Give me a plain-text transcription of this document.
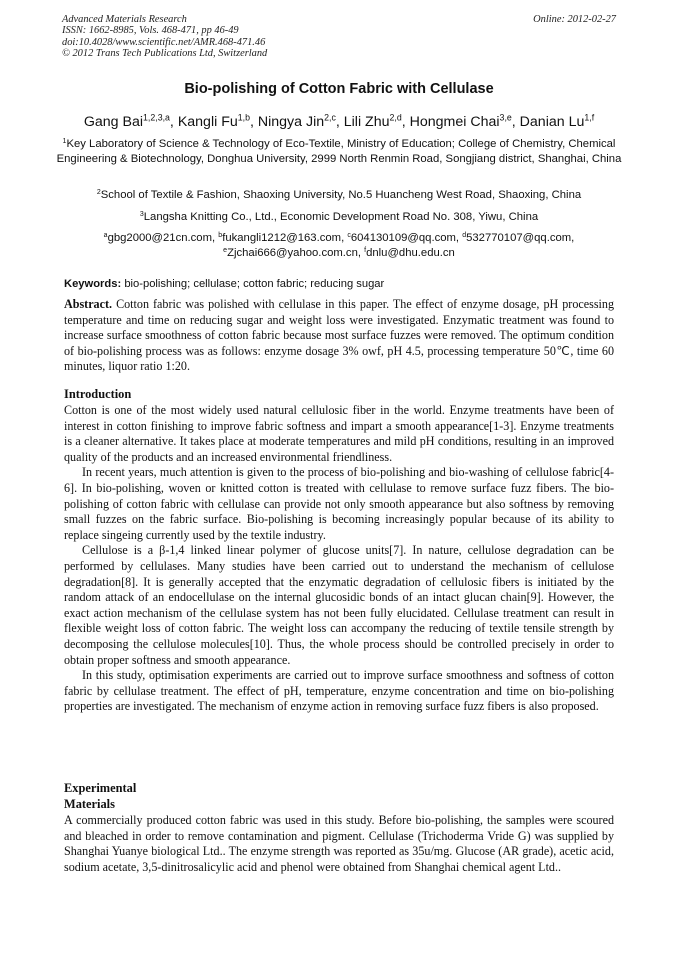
Advanced Materials Research
ISSN: 1662-8985, Vols. 468-471, pp 46-49
doi:10.4028/www.scientific.net/AMR.468-471.46
© 2012 Trans Tech Publications Ltd, Switzerland
Online: 2012-02-27
Bio-polishing of Cotton Fabric with Cellulase
Gang Bai$^{1,2,3,a}$, Kangli Fu$^{1,b}$, Ningya Jin$^{2,c}$, Lili Zhu$^{2,d}$, Hongmei Chai$^{3,e}$, Danian Lu$^{1,f}$
$^1$Key Laboratory of Science & Technology of Eco-Textile, Ministry of Education; College of Chemistry, Chemical Engineering & Biotechnology, Donghua University, 2999 North Renmin Road, Songjiang district, Shanghai, China
$^2$School of Textile & Fashion, Shaoxing University, No.5 Huancheng West Road, Shaoxing, China
$^3$Langsha Knitting Co., Ltd., Economic Development Road No. 308, Yiwu, China
$^a$gbg2000@21cn.com, $^b$fukangli1212@163.com, $^c$604130109@qq.com, $^d$532770107@qq.com,
$^e$Zjchai666@yahoo.com.cn, $^f$dnlu@dhu.edu.cn
Keywords: bio-polishing; cellulase; cotton fabric; reducing sugar

Abstract. Cotton fabric was polished with cellulase in this paper. The effect of enzyme dosage, pH processing temperature and time on reducing sugar and weight loss were investigated. Enzymatic treatment was found to increase surface smoothness of cotton fabric because most surface fuzzes were removed. The optimum condition of bio-polishing process was as follows: enzyme dosage 3% owf, pH 4.5, processing temperature 50℃, time 60 minutes, liquor ratio 1:20.

Introduction

Cotton is one of the most widely used natural cellulosic fiber in the world. Enzyme treatments have been of interest in cotton finishing to improve fabric softness and impart a smooth appearance[1-3]. Enzyme treatments is a cleaner alternative. It takes place at moderate temperatures and mild pH conditions, resulting in an improved quality of the products and an increased environmental friendliness.

In recent years, much attention is given to the process of bio-polishing and bio-washing of cellulose fabric[4-6]. In bio-polishing, woven or knitted cotton is treated with cellulase to remove surface fuzz fibers. The bio-polishing of cotton fabric with cellulase can provide not only smooth appearance but also softness by removing small fuzzes on the fabric surface. Bio-polishing is becoming increasingly popular because of its ability to replace singeing currently used by the textile industry.

Cellulose is a β-1,4 linked linear polymer of glucose units[7]. In nature, cellulose degradation can be performed by cellulases. Many studies have been carried out to understand the mechanism of cellulose degradation[8]. It is generally accepted that the enzymatic degradation of cellulosic fibers is initiated by the random attack of an endocellulase on the internal glucosidic bonds of an intact glucan chain[9]. However, the exact action mechanism of the cellulase system has not been fully elucidated. Cellulase treatment can result in flexible weight loss of cotton fabric. The weight loss can accompany the reducing of textile tensile strength by decomposing the cellulose molecules[10]. Thus, the whole process should be controlled precisely in order to obtain proper softness and smooth appearance.

In this study, optimisation experiments are carried out to improve surface smoothness and softness of cotton fabric by cellulase treatment. The effect of pH, temperature, enzyme concentration and time on bio-polishing properties are investigated. The mechanism of enzyme action in removing surface fuzz fibers is also proposed.

Experimental
Materials

A commercially produced cotton fabric was used in this study. Before bio-polishing, the samples were scoured and bleached in order to remove contamination and pigment. Cellulase (Trichoderma Vride G) was supplied by Shanghai Yuanye biological Ltd.. The enzyme strength was reported as 35u/mg. Glucose (AR grade), acetic acid, sodium acetate, 3,5-dinitrosalicylic acid and phenol were obtained from Shanghai chemical agent Ltd..
